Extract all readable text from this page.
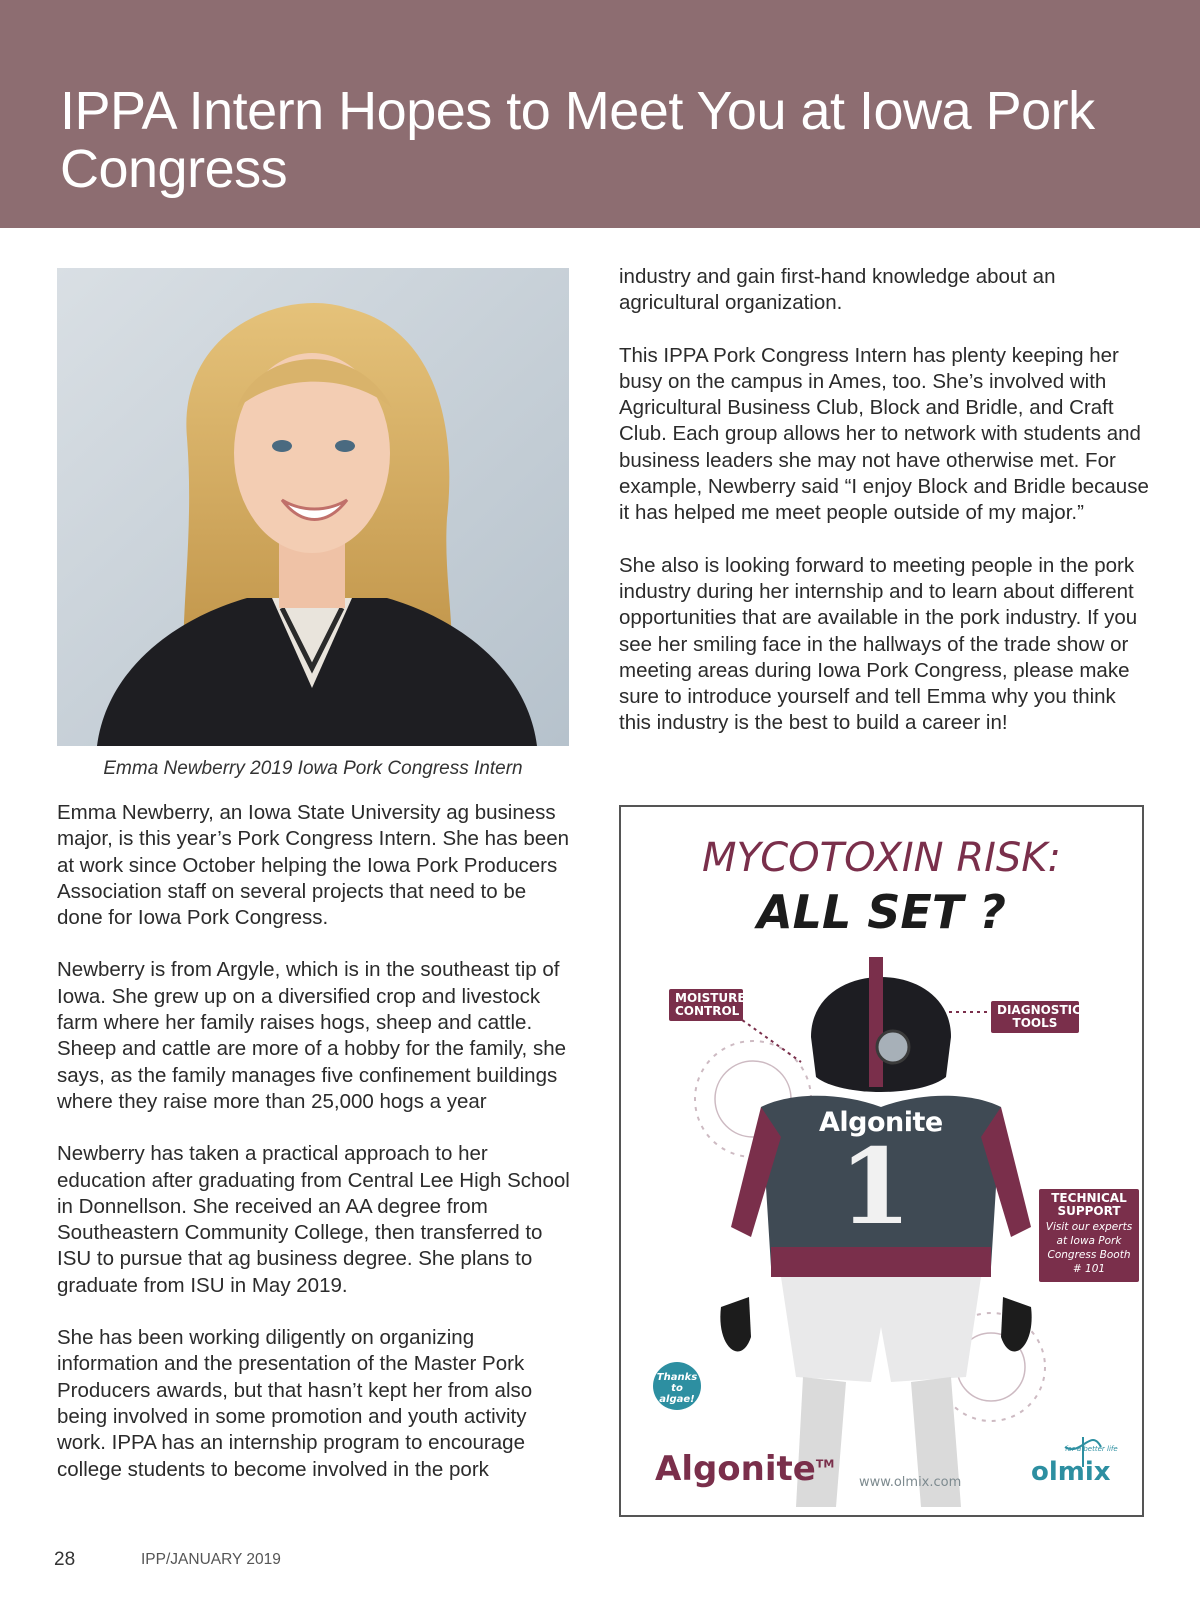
IPPA Intern Hopes to Meet You at Iowa Pork Congress
Emma Newberry 2019 Iowa Pork Congress Intern

Emma Newberry, an Iowa State University ag business major, is this year’s Pork Congress Intern. She has been at work since October helping the Iowa Pork Producers Association staff on several projects that need to be done for Iowa Pork Congress.

Newberry is from Argyle, which is in the southeast tip of Iowa. She grew up on a diversified crop and livestock farm where her family raises hogs, sheep and cattle. Sheep and cattle are more of a hobby for the family, she says, as the family manages five confinement buildings where they raise more than 25,000 hogs a year

Newberry has taken a practical approach to her education after graduating from Central Lee High School in Donnellson. She received an AA degree from Southeastern Community College, then transferred to ISU to pursue that ag business degree. She plans to graduate from ISU in May 2019.

She has been working diligently on organizing information and the presentation of the Master Pork Producers awards, but that hasn’t kept her from also being involved in some promotion and youth activity work. IPPA has an internship program to encourage college students to become involved in the pork

industry and gain first-hand knowledge about an agricultural organization.

This IPPA Pork Congress Intern has plenty keeping her busy on the campus in Ames, too. She’s involved with Agricultural Business Club, Block and Bridle, and Craft Club. Each group allows her to network with students and business leaders she may not have otherwise met. For example, Newberry said “I enjoy Block and Bridle because it has helped me meet people outside of my major.”

She also is looking forward to meeting people in the pork industry during her internship and to learn about different opportunities that are available in the pork industry. If you see her smiling face in the hallways of the trade show or meeting areas during Iowa Pork Congress, please make sure to introduce yourself and tell Emma why you think this industry is the best to build a career in!

MYCOTOXIN RISK:
ALL SET ?
MOISTURE CONTROL	DIAGNOSTIC TOOLS
TECHNICAL SUPPORT
Visit our experts at Iowa Pork Congress Booth # 101
Algonite
1
Thanks to algae!
Algonite™
www.olmix.com
for a better life
olmix
28	IPP/JANUARY 2019
